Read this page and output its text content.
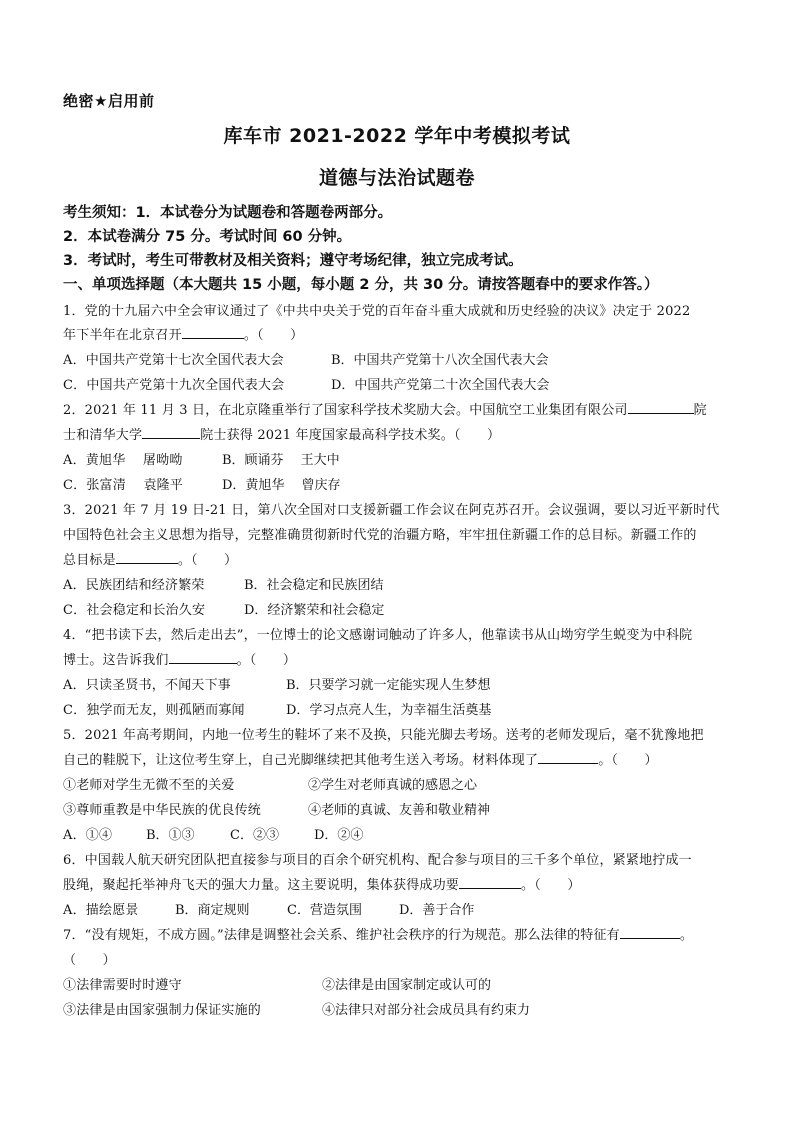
绝密★启用前
库车市 2021-2022 学年中考模拟考试
道德与法治试题卷
考生须知：1．本试卷分为试题卷和答题卷两部分。
2．本试卷满分 75 分。考试时间 60 分钟。
3．考试时，考生可带教材及相关资料；遵守考场纪律，独立完成考试。
一、单项选择题（本大题共 15 小题，每小题 2 分，共 30 分。请按答题春中的要求作答。）
1．党的十九届六中全会审议通过了《中共中央关于党的百年奋斗重大成就和历史经验的决议》决定于 2022
年下半年在北京召开	。（　　）
A．中国共产党第十七次全国代表大会	B．中国共产党第十八次全国代表大会
C．中国共产党第十九次全国代表大会	D．中国共产党第二十次全国代表大会
2．2021 年 11 月 3 日，在北京隆重举行了国家科学技术奖励大会。中国航空工业集团有限公司	院
士和清华大学	院士获得 2021 年度国家最高科学技术奖。（　　）
A．黄旭华　 屠呦呦	B．顾诵芬　 王大中
C．张富清　 袁隆平	D．黄旭华　 曾庆存
3．2021 年 7 月 19 日-21 日，第八次全国对口支援新疆工作会议在阿克苏召开。会议强调，要以习近平新时代
中国特色社会主义思想为指导，完整准确贯彻新时代党的治疆方略，牢牢扭住新疆工作的总目标。新疆工作的
总目标是	。（　　）
A．民族团结和经济繁荣	B．社会稳定和民族团结
C．社会稳定和长治久安	D．经济繁荣和社会稳定
4．“把书读下去，然后走出去”，一位博士的论文感谢词触动了许多人，他靠读书从山坳穷学生蜕变为中科院
博士。这告诉我们	。（　　）
A．只读圣贤书，不闻天下事	B．只要学习就一定能实现人生梦想
C．独学而无友，则孤陋而寡闻	D．学习点亮人生，为幸福生活奠基
5．2021 年高考期间，内地一位考生的鞋坏了来不及换，只能光脚去考场。送考的老师发现后，毫不犹豫地把
自己的鞋脱下，让这位考生穿上，自己光脚继续把其他考生送入考场。材料体现了	。（　　）
①老师对学生无微不至的关爱	②学生对老师真诚的感恩之心
③尊师重教是中华民族的优良传统	④老师的真诚、友善和敬业精神
A．①④	B．①③	C．②③	D．②④
6．中国载人航天研究团队把直接参与项目的百余个研究机构、配合参与项目的三千多个单位，紧紧地拧成一
股绳，聚起托举神舟飞天的强大力量。这主要说明，集体获得成功要	。（　　）
A．描绘愿景	B．商定规则	C．营造氛围	D．善于合作
7．“没有规矩，不成方圆。”法律是调整社会关系、维护社会秩序的行为规范。那么法律的特征有	。
（　　）
①法律需要时时遵守	②法律是由国家制定或认可的
③法律是由国家强制力保证实施的	④法律只对部分社会成员具有约束力
